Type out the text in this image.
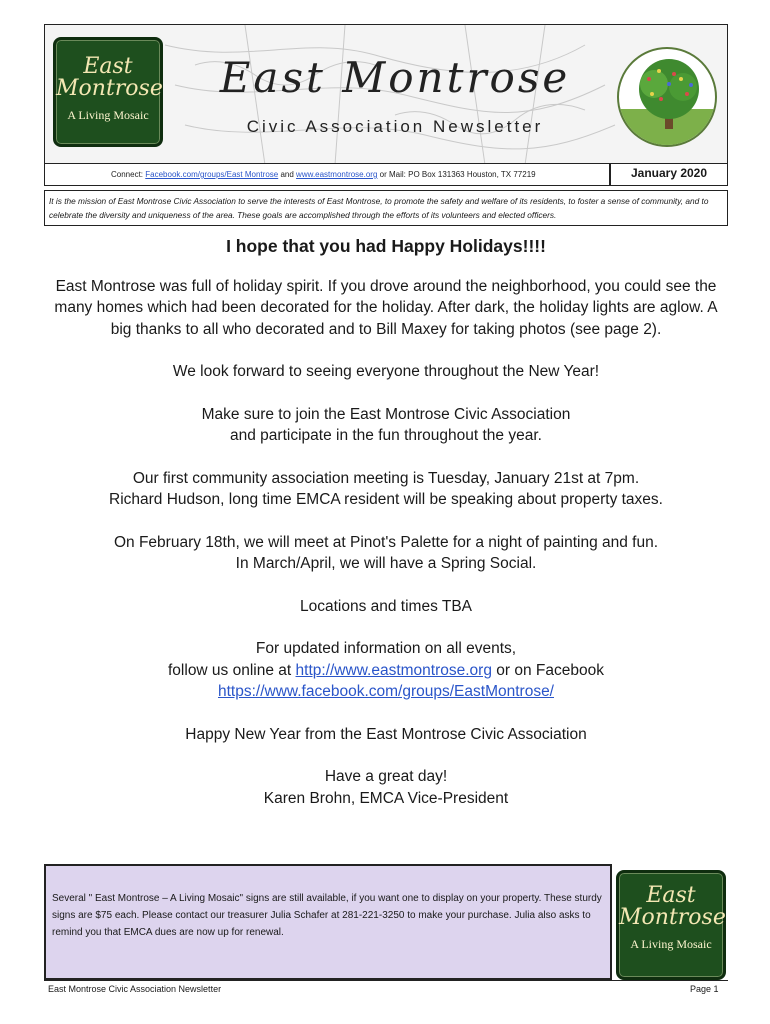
East
Montrose
A Living Mosaic
East Montrose
Civic Association Newsletter
Connect: Facebook.com/groups/East Montrose and www.eastmontrose.org or Mail: PO Box 131363 Houston, TX 77219	January 2020
It is the mission of East Montrose Civic Association to serve the interests of East Montrose, to promote the safety and welfare of its residents, to foster a sense of community, and to celebrate the diversity and uniqueness of the area. These goals are accomplished through the efforts of its volunteers and elected officers.
I hope that you had Happy Holidays!!!!

East Montrose was full of holiday spirit. If you drove around the neighborhood, you could see the many homes which had been decorated for the holiday. After dark, the holiday lights are aglow. A big thanks to all who decorated and to Bill Maxey for taking photos (see page 2).

We look forward to seeing everyone throughout the New Year!

Make sure to join the East Montrose Civic Association
and participate in the fun throughout the year.

Our first community association meeting is Tuesday, January 21st at 7pm.
Richard Hudson, long time EMCA resident will be speaking about property taxes.

On February 18th, we will meet at Pinot's Palette for a night of painting and fun.
In March/April, we will have a Spring Social.

Locations and times TBA

For updated information on all events,
follow us online at http://www.eastmontrose.org or on Facebook
https://www.facebook.com/groups/EastMontrose/

Happy New Year from the East Montrose Civic Association

Have a great day!
Karen Brohn, EMCA Vice-President

Several " East Montrose – A Living Mosaic" signs are still available, if you want one to display on your property. These sturdy signs are $75 each. Please contact our treasurer Julia Schafer at 281-221-3250 to make your purchase. Julia also asks to remind you that EMCA dues are now up for renewal.
East
Montrose
A Living Mosaic
East Montrose Civic Association Newsletter	Page 1
